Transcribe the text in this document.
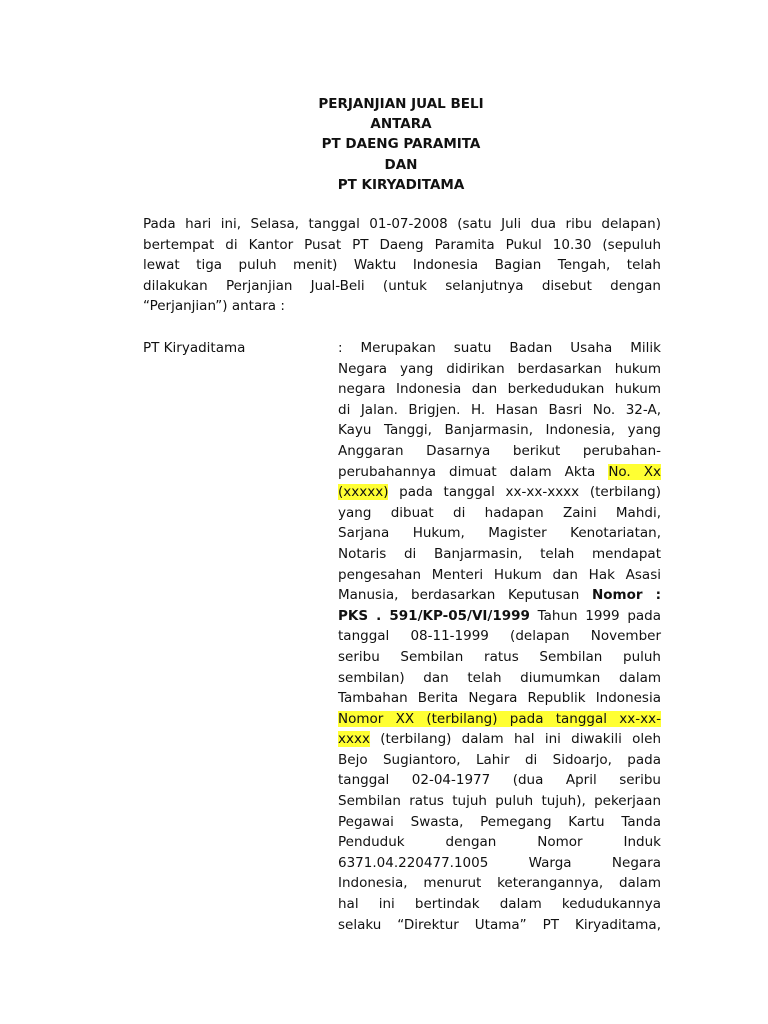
PERJANJIAN JUAL BELI
ANTARA
PT DAENG PARAMITA
DAN
PT KIRYADITAMA
Pada hari ini, Selasa, tanggal 01-07-2008 (satu Juli dua ribu delapan)
bertempat di Kantor Pusat PT Daeng Paramita Pukul 10.30 (sepuluh
lewat tiga puluh menit) Waktu Indonesia Bagian Tengah, telah
dilakukan Perjanjian Jual-Beli (untuk selanjutnya disebut dengan
“Perjanjian”) antara :
PT Kiryaditama	: Merupakan suatu Badan Usaha Milik
Negara yang didirikan berdasarkan hukum
negara Indonesia dan berkedudukan hukum
di Jalan. Brigjen. H. Hasan Basri No. 32-A,
Kayu Tanggi, Banjarmasin, Indonesia, yang
Anggaran Dasarnya berikut perubahan-
perubahannya dimuat dalam Akta No. Xx
(xxxxx) pada tanggal xx-xx-xxxx (terbilang)
yang dibuat di hadapan Zaini Mahdi,
Sarjana Hukum, Magister Kenotariatan,
Notaris di Banjarmasin, telah mendapat
pengesahan Menteri Hukum dan Hak Asasi
Manusia, berdasarkan Keputusan Nomor :
PKS . 591/KP-05/VI/1999 Tahun 1999 pada
tanggal 08-11-1999 (delapan November
seribu Sembilan ratus Sembilan puluh
sembilan) dan telah diumumkan dalam
Tambahan Berita Negara Republik Indonesia
Nomor XX (terbilang) pada tanggal xx-xx-
xxxx (terbilang) dalam hal ini diwakili oleh
Bejo Sugiantoro, Lahir di Sidoarjo, pada
tanggal 02-04-1977 (dua April seribu
Sembilan ratus tujuh puluh tujuh), pekerjaan
Pegawai Swasta, Pemegang Kartu Tanda
Penduduk dengan Nomor Induk
6371.04.220477.1005 Warga Negara
Indonesia, menurut keterangannya, dalam
hal ini bertindak dalam kedudukannya
selaku “Direktur Utama” PT Kiryaditama,
